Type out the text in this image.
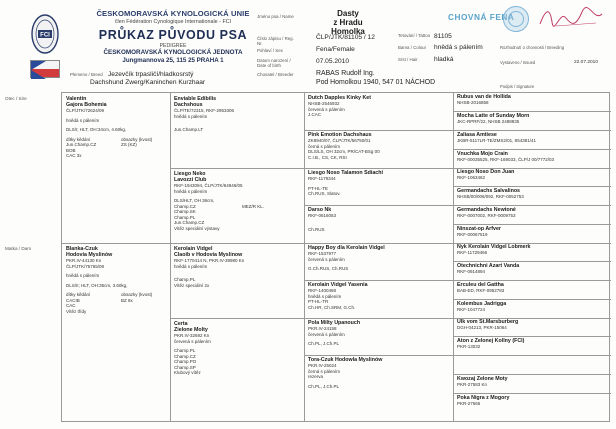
FCI
ČESKOMORAVSKÁ KYNOLOGICKÁ UNIE
člen Fédération Cynologique Internationale - FCI
PRŮKAZ PŮVODU PSA
PEDIGREE
ČESKOMORAVSKÁ KYNOLOGICKÁ JEDNOTA
Jungmannova 25, 115 25 PRAHA 1
Plemeno / Breed Jezevčík trpasličí/hladkosrstý
Dachshund Zwerg/Kaninchen Kurzhaar
Jméno psa / Name	Dasty
z Hradu Homolka
Číslo zápisu / Reg. Nr.
ČLP/JTK/81105 / 12
Pohlaví / Sex	Fena/Female
Datum narození / Date of birth
07.05.2010
Chovatel / Breeder	RABAS Rudolf Ing.
Pod Homolkou 1940, 547 01 NÁCHOD
CHOVNÁ FENA
Tetování / Tattoo 81105
Barva / Colour	hnědá s pálením
Srst / Hair	hladká
Rozhodnutí o chovnosti / Breeding
Vystaveno / Issued	22.07.2010
Podpis / Signature
Otec / Sire
Matka / Dam
Valentin
Gajora Bohemia
ČLP/JTK/72624/09
hnědá s pálením
DLS/I; HLT, OH:34cm, 4.60kg,
dítky kědání	obsazky (kvost)
Jun.Champ.CZ	ZS (KZ)
BOB
CAC 3x
Blanka-Czuk
Hodovía Myslinów
PKR.IV-44130 Kn
ČLP/JTK/75765/09
hnědá s pálením
DLS/II; HLT, OH:35cm, 3.60kg,
dítky kědání	obsazky (kvost)
CACIB	BZ 8x
CAC
Vítěz třídy
Enviable Edibilis
Dachshous
ČLP/TE/72315, RKF-2953306
hnědá s pálením
Jun.Champ.LT
Liesgo Neko
Lavozzi Club
RKF-1943094, ČLP/JTK/64946/05
hnědá s pálením
DLS/HLT, OH 36cm,
Champ.CZ	MEZ/R KL.
Champ.SK
Champ.PL
Jun.Champ.CZ
Vítěz speciální výstavy
Kerolain Vidgel
Claoib v Hodovía Myslinow
RKF-1770414 N, PKR.IV-39980 Kn
hnědá s pálením
Champ.PL
Vítěz speciální 2x
Certa
Zielone Molty
PKR.IV-32692 Kn
červená s pálením
Champ.PL
Champ.CZ
Champ.PO
Champ.SP
Klubový vítěz
Dutch Dapples Kinky Ket
NHSB-2546932
červená s pálením
J.CAC
Pink Emotion Dachshaus
ZK8940/07, ČLP/JTK/56750/01
černá s pálením
DLS/LS, OH 32cm, PR/CAT-BSg 00
C.I.B., CS, CK, RSI
Liesgo Noso Talamon Sdiachi
RKF-1179344
PT-HL-TE
Ch.RUS, Slatov.
Darso Nk
RKF-0616053
Ch.RUS
Happy Boy dla Kerolain Vidgel
RKF-1537977
červená s pálením
G.Ch.RUS, Ch.RUS
Kerolain Vidgel Yasenia
RKF-1400468
hnědá s pálením
PT-HL-TR
Ch.HR, Ch.SRM, G.Ch.
Pola Milty Upanouch
PKR.IV-24158
červená s pálením
Ch.PL, J.Ch.PL
Tora-Czuk Hodowla Myslinów
PKR.IV-25024
černá s pálením
rezerva
Ch.PL, J.Ch.PL
Rubus van de Hollida
NHSB-2016858
Mocha Latte of Sunday Morn
JKC-RPRF/22, NHSB 2498835
Zaliasa Amtiese
JKBR-5117LR-TE/ZMS2/01, 854381/41
Vnuchka Mojo Crain
RKF-00035525, RKF-169033, ČLP/J 00/7772/03
Liesgo Noso Don Juan
RKF-1063462
Germandachs Salvalinos
NHSB/00/006/092, RKF-0052753
Germandachs Newtoné
RKF-0007002, RKF-0009753
Ninszat-op Arfver
RKF-00067519
Nyk Kerolain Vidgel Lobmerk
RKF-11729466
Otechnichni Azart Vanda
RKF-0914894
Erculeu del Gattha
BAB-ED, RKF-0952783
Kolembus Jadrigga
RKF-1047724
Ulk vom St.Marsburberg
DGH-04213, PKR-15064
Aton z Zelonej Kollny (FCI)
PKR-13032
Kwozaj Zelone Moty
PKR-27583 Kn
Poka Nigra z Mogory
PKR-27665
